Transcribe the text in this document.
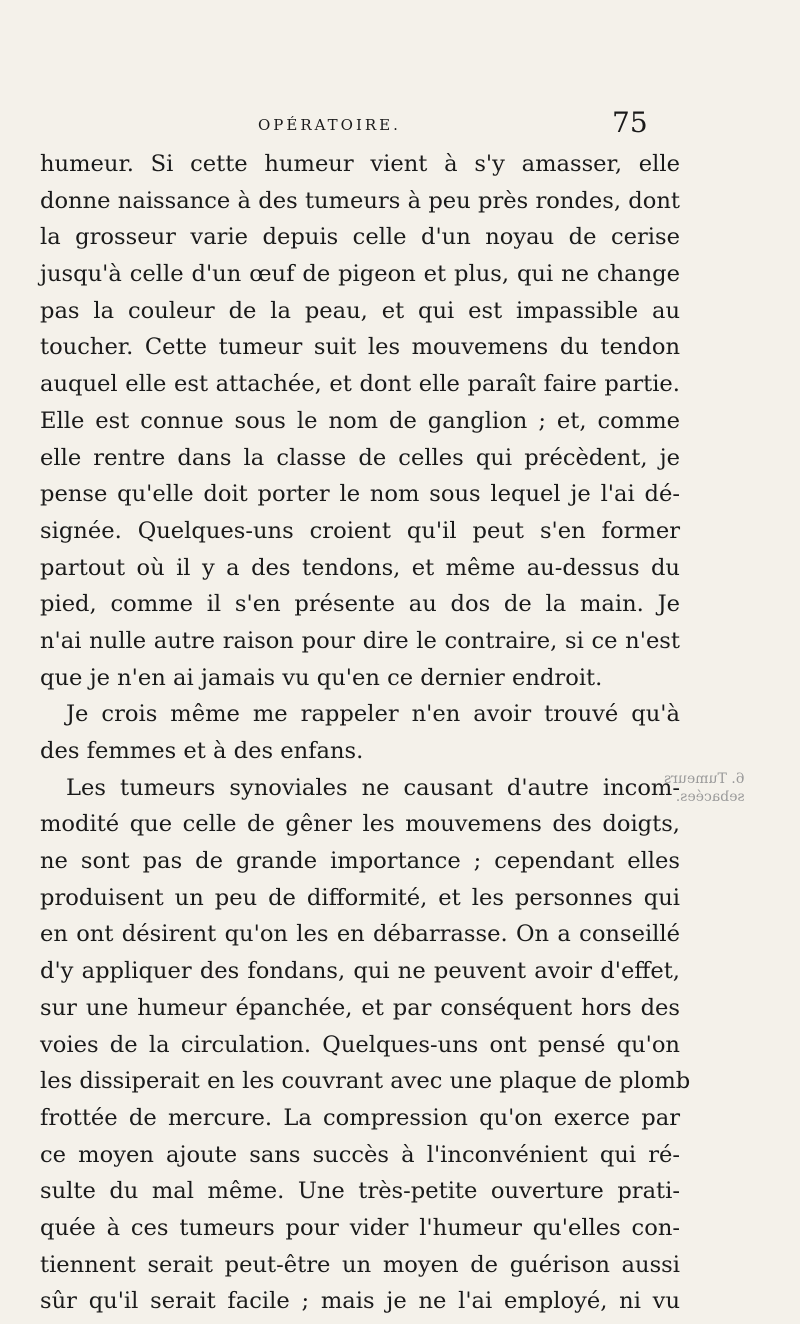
OPÉRATOIRE.	75
humeur. Si cette humeur vient à s'y amasser, elle
donne naissance à des tumeurs à peu près rondes, dont
la grosseur varie depuis celle d'un noyau de cerise
jusqu'à celle d'un œuf de pigeon et plus, qui ne change
pas la couleur de la peau, et qui est impassible au
toucher. Cette tumeur suit les mouvemens du tendon
auquel elle est attachée, et dont elle paraît faire partie.
Elle est connue sous le nom de ganglion ; et, comme
elle rentre dans la classe de celles qui précèdent, je
pense qu'elle doit porter le nom sous lequel je l'ai dé-
signée. Quelques-uns croient qu'il peut s'en former
partout où il y a des tendons, et même au-dessus du
pied, comme il s'en présente au dos de la main. Je
n'ai nulle autre raison pour dire le contraire, si ce n'est
que je n'en ai jamais vu qu'en ce dernier endroit.
Je crois même me rappeler n'en avoir trouvé qu'à
des femmes et à des enfans.
Les tumeurs synoviales ne causant d'autre incom-
modité que celle de gêner les mouvemens des doigts,
ne sont pas de grande importance ; cependant elles
produisent un peu de difformité, et les personnes qui
en ont désirent qu'on les en débarrasse. On a conseillé
d'y appliquer des fondans, qui ne peuvent avoir d'effet,
sur une humeur épanchée, et par conséquent hors des
voies de la circulation. Quelques-uns ont pensé qu'on
les dissiperait en les couvrant avec une plaque de plomb
frottée de mercure. La compression qu'on exerce par
ce moyen ajoute sans succès à l'inconvénient qui ré-
sulte du mal même. Une très-petite ouverture prati-
quée à ces tumeurs pour vider l'humeur qu'elles con-
tiennent serait peut-être un moyen de guérison aussi
sûr qu'il serait facile ; mais je ne l'ai employé, ni vu
6. Tumeurs
sebacées.
